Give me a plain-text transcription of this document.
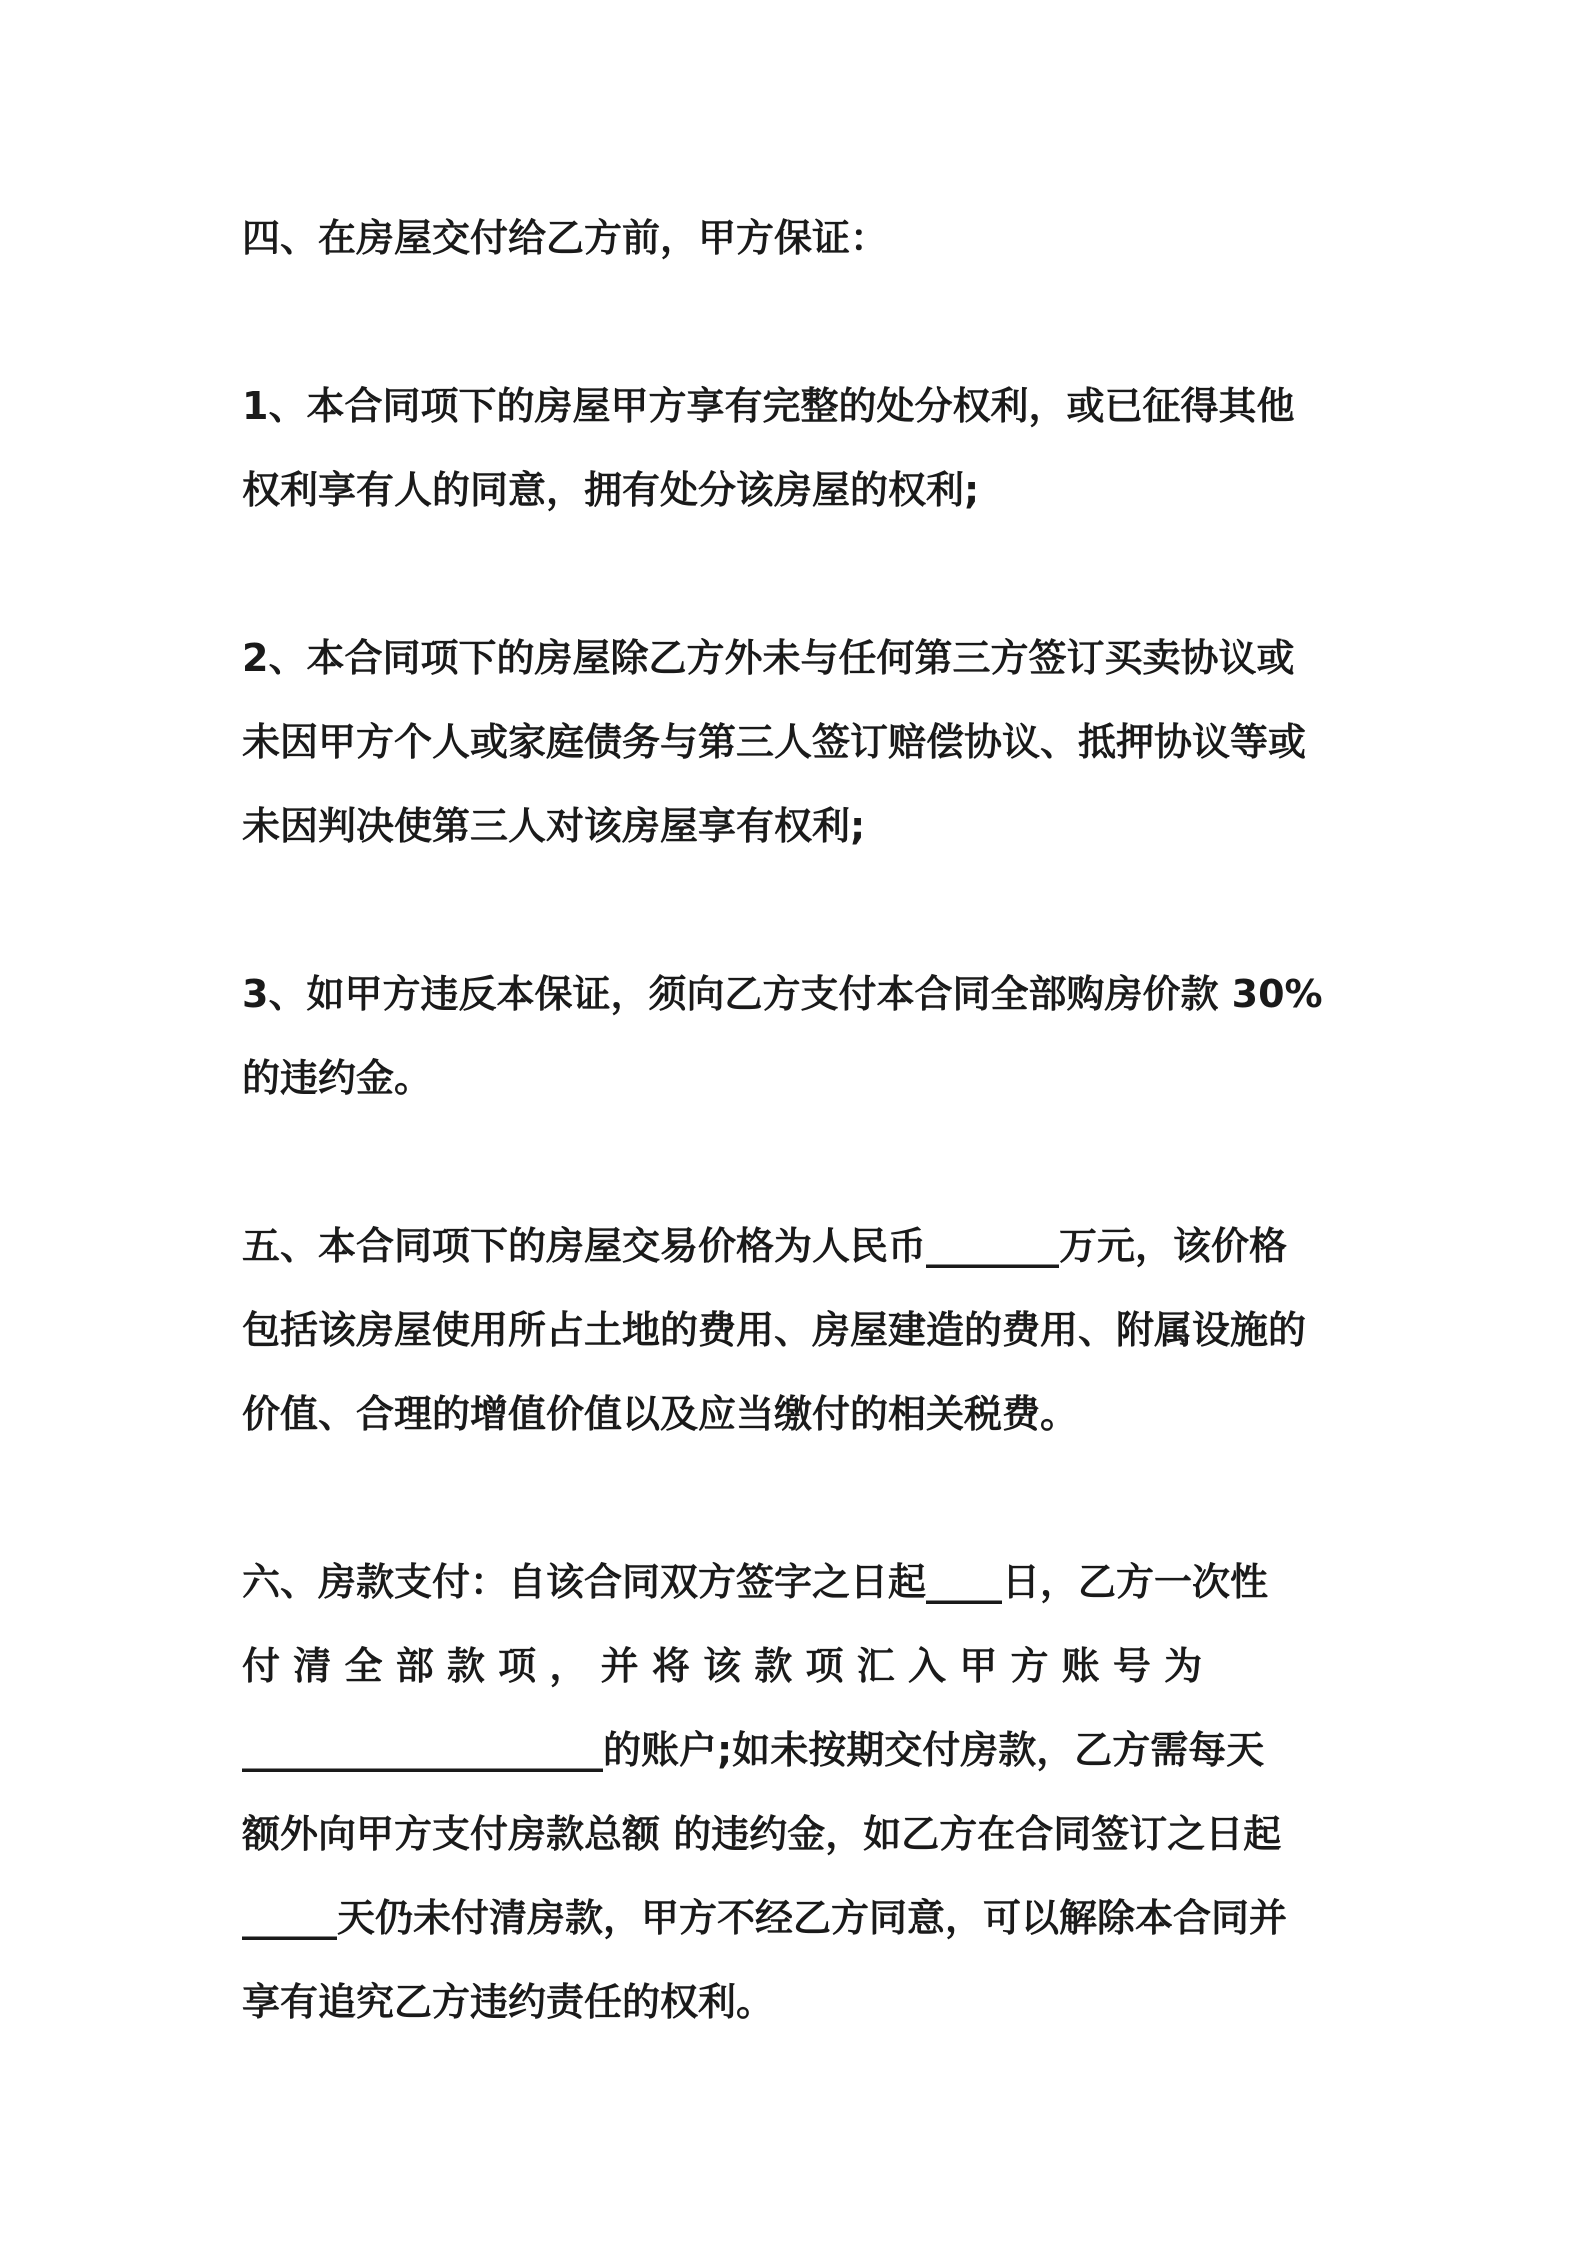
四、在房屋交付给乙方前，甲方保证：
1、本合同项下的房屋甲方享有完整的处分权利，或已征得其他
权利享有人的同意，拥有处分该房屋的权利;
2、本合同项下的房屋除乙方外未与任何第三方签订买卖协议或
未因甲方个人或家庭债务与第三人签订赔偿协议、抵押协议等或
未因判决使第三人对该房屋享有权利;
3、如甲方违反本保证，须向乙方支付本合同全部购房价款 30%
的违约金。
五、本合同项下的房屋交易价格为人民币_______万元，该价格
包括该房屋使用所占土地的费用、房屋建造的费用、附属设施的
价值、合理的增值价值以及应当缴付的相关税费。
六、房款支付：自该合同双方签字之日起____日，乙方一次性
付 清 全 部 款 项 ， 并 将 该 款 项 汇 入 甲 方 账 号 为
___________________的账户;如未按期交付房款，乙方需每天
额外向甲方支付房款总额 的违约金，如乙方在合同签订之日起
_____天仍未付清房款，甲方不经乙方同意，可以解除本合同并
享有追究乙方违约责任的权利。
